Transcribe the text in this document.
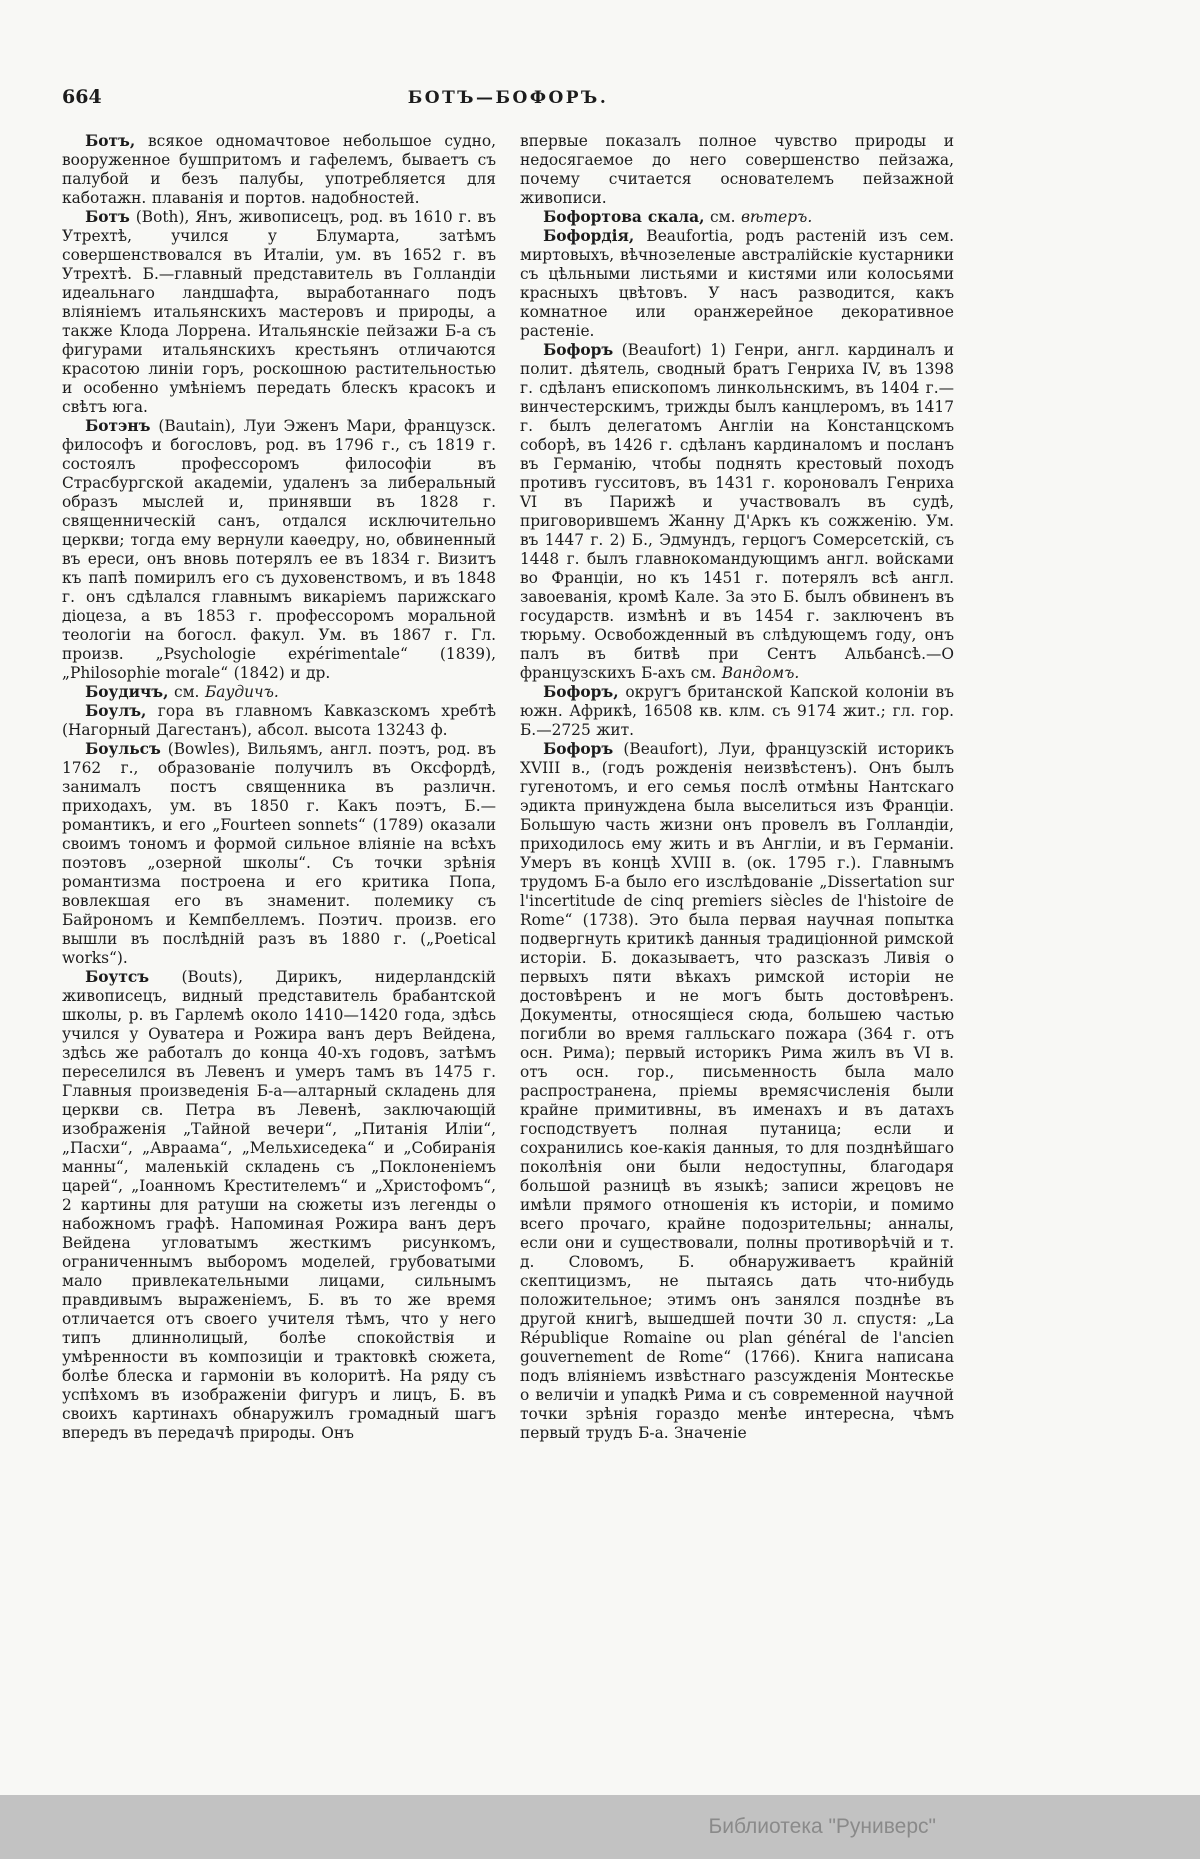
664	БОТЪ—БОФОРЪ.

Ботъ, всякое одномачтовое небольшое судно, вооруженное бушпритомъ и гафелемъ, бываетъ съ палубой и безъ палубы, употребляется для каботажн. плаванія и портов. надобностей.

Ботъ (Both), Янъ, живописецъ, род. въ 1610 г. въ Утрехтѣ, учился у Блумарта, затѣмъ совершенствовался въ Италіи, ум. въ 1652 г. въ Утрехтѣ. Б.—главный представитель въ Голландіи идеальнаго ландшафта, выработаннаго подъ вліяніемъ итальянскихъ мастеровъ и природы, а также Клода Лоррена. Итальянскіе пейзажи Б-а съ фигурами итальянскихъ крестьянъ отличаются красотою линіи горъ, роскошною растительностью и особенно умѣніемъ передать блескъ красокъ и свѣтъ юга.

Ботэнъ (Bautain), Луи Эженъ Мари, французск. философъ и богословъ, род. въ 1796 г., съ 1819 г. состоялъ профессоромъ философіи въ Страсбургской академіи, удаленъ за либеральный образъ мыслей и, принявши въ 1828 г. священническій санъ, отдался исключительно церкви; тогда ему вернули каѳедру, но, обвиненный въ ереси, онъ вновь потерялъ ее въ 1834 г. Визитъ къ папѣ помирилъ его съ духовенствомъ, и въ 1848 г. онъ сдѣлался главнымъ викаріемъ парижскаго діоцеза, а въ 1853 г. профессоромъ моральной теологіи на богосл. факул. Ум. въ 1867 г. Гл. произв. „Psychologie expérimentale“ (1839), „Philosophie morale“ (1842) и др.

Боудичъ, см. Баудичъ.

Боулъ, гора въ главномъ Кавказскомъ хребтѣ (Нагорный Дагестанъ), абсол. высота 13243 ф.

Боульсъ (Bowles), Вильямъ, англ. поэтъ, род. въ 1762 г., образованіе получилъ въ Оксфордѣ, занималъ постъ священника въ различн. приходахъ, ум. въ 1850 г. Какъ поэтъ, Б.—романтикъ, и его „Fourteen sonnets“ (1789) оказали своимъ тономъ и формой сильное вліяніе на всѣхъ поэтовъ „озерной школы“. Съ точки зрѣнія романтизма построена и его критика Попа, вовлекшая его въ знаменит. полемику съ Байрономъ и Кемпбеллемъ. Поэтич. произв. его вышли въ послѣдній разъ въ 1880 г. („Poetical works“).

Боутсъ (Bouts), Дирикъ, нидерландскій живописецъ, видный представитель брабантской школы, р. въ Гарлемѣ около 1410—1420 года, здѣсь учился у Оуватера и Рожира ванъ деръ Вейдена, здѣсь же работалъ до конца 40-хъ годовъ, затѣмъ переселился въ Левенъ и умеръ тамъ въ 1475 г. Главныя произведенія Б-а—алтарный складень для церкви св. Петра въ Левенѣ, заключающій изображенія „Тайной вечери“, „Питанія Иліи“, „Пасхи“, „Авраама“, „Мельхиседека“ и „Собиранія манны“, маленькій складень съ „Поклоненіемъ царей“, „Іоанномъ Крестителемъ“ и „Христофомъ“, 2 картины для ратуши на сюжеты изъ легенды о набожномъ графѣ. Напоминая Рожира ванъ деръ Вейдена угловатымъ жесткимъ рисункомъ, ограниченнымъ выборомъ моделей, грубоватыми мало привлекательными лицами, сильнымъ правдивымъ выраженіемъ, Б. въ то же время отличается отъ своего учителя тѣмъ, что у него типъ длиннолицый, болѣе спокойствія и умѣренности въ композиціи и трактовкѣ сюжета, болѣе блеска и гармоніи въ колоритѣ. На ряду съ успѣхомъ въ изображеніи фигуръ и лицъ, Б. въ своихъ картинахъ обнаружилъ громадный шагъ впередъ въ передачѣ природы. Онъ

впервые показалъ полное чувство природы и недосягаемое до него совершенство пейзажа, почему считается основателемъ пейзажной живописи.

Бофортова скала, см. вѣтеръ.

Бофордія, Beaufortia, родъ растеній изъ сем. миртовыхъ, вѣчнозеленые австралійскіе кустарники съ цѣльными листьями и кистями или колосьями красныхъ цвѣтовъ. У насъ разводится, какъ комнатное или оранжерейное декоративное растеніе.

Бофоръ (Beaufort) 1) Генри, англ. кардиналъ и полит. дѣятель, сводный братъ Генриха IV, въ 1398 г. сдѣланъ епископомъ линкольнскимъ, въ 1404 г.—винчестерскимъ, трижды былъ канцлеромъ, въ 1417 г. былъ делегатомъ Англіи на Констанцскомъ соборѣ, въ 1426 г. сдѣланъ кардиналомъ и посланъ въ Германію, чтобы поднять крестовый походъ противъ гусситовъ, въ 1431 г. короновалъ Генриха VI въ Парижѣ и участвовалъ въ судѣ, приговорившемъ Жанну Д'Аркъ къ сожженію. Ум. въ 1447 г. 2) Б., Эдмундъ, герцогъ Сомерсетскій, съ 1448 г. былъ главнокомандующимъ англ. войсками во Франціи, но къ 1451 г. потерялъ всѣ англ. завоеванія, кромѣ Кале. За это Б. былъ обвиненъ въ государств. измѣнѣ и въ 1454 г. заключенъ въ тюрьму. Освобожденный въ слѣдующемъ году, онъ палъ въ битвѣ при Сентъ Альбансѣ.—О французскихъ Б-ахъ см. Вандомъ.

Бофоръ, округъ британской Капской колоніи въ южн. Африкѣ, 16508 кв. клм. съ 9174 жит.; гл. гор. Б.—2725 жит.

Бофоръ (Beaufort), Луи, французскій историкъ XVIII в., (годъ рожденія неизвѣстенъ). Онъ былъ гугенотомъ, и его семья послѣ отмѣны Нантскаго эдикта принуждена была выселиться изъ Франціи. Большую часть жизни онъ провелъ въ Голландіи, приходилось ему жить и въ Англіи, и въ Германіи. Умеръ въ концѣ XVIII в. (ок. 1795 г.). Главнымъ трудомъ Б-а было его изслѣдованіе „Dissertation sur l'incertitude de cinq premiers siècles de l'histoire de Rome“ (1738). Это была первая научная попытка подвергнуть критикѣ данныя традиціонной римской исторіи. Б. доказываетъ, что разсказъ Ливія о первыхъ пяти вѣкахъ римской исторіи не достовѣренъ и не могъ быть достовѣренъ. Документы, относящіеся сюда, большею частью погибли во время галльскаго пожара (364 г. отъ осн. Рима); первый историкъ Рима жилъ въ VI в. отъ осн. гор., письменность была мало распространена, пріемы времясчисленія были крайне примитивны, въ именахъ и въ датахъ господствуетъ полная путаница; если и сохранились кое-какія данныя, то для позднѣйшаго поколѣнія они были недоступны, благодаря большой разницѣ въ языкѣ; записи жрецовъ не имѣли прямого отношенія къ исторіи, и помимо всего прочаго, крайне подозрительны; анналы, если они и существовали, полны противорѣчій и т. д. Словомъ, Б. обнаруживаетъ крайній скептицизмъ, не пытаясь дать что-нибудь положительное; этимъ онъ занялся позднѣе въ другой книгѣ, вышедшей почти 30 л. спустя: „La République Romaine ou plan général de l'ancien gouvernement de Rome“ (1766). Книга написана подъ вліяніемъ извѣстнаго разсужденія Монтескье о величіи и упадкѣ Рима и съ современной научной точки зрѣнія гораздо менѣе интересна, чѣмъ первый трудъ Б-а. Значеніе

Библиотека "Руниверс"
